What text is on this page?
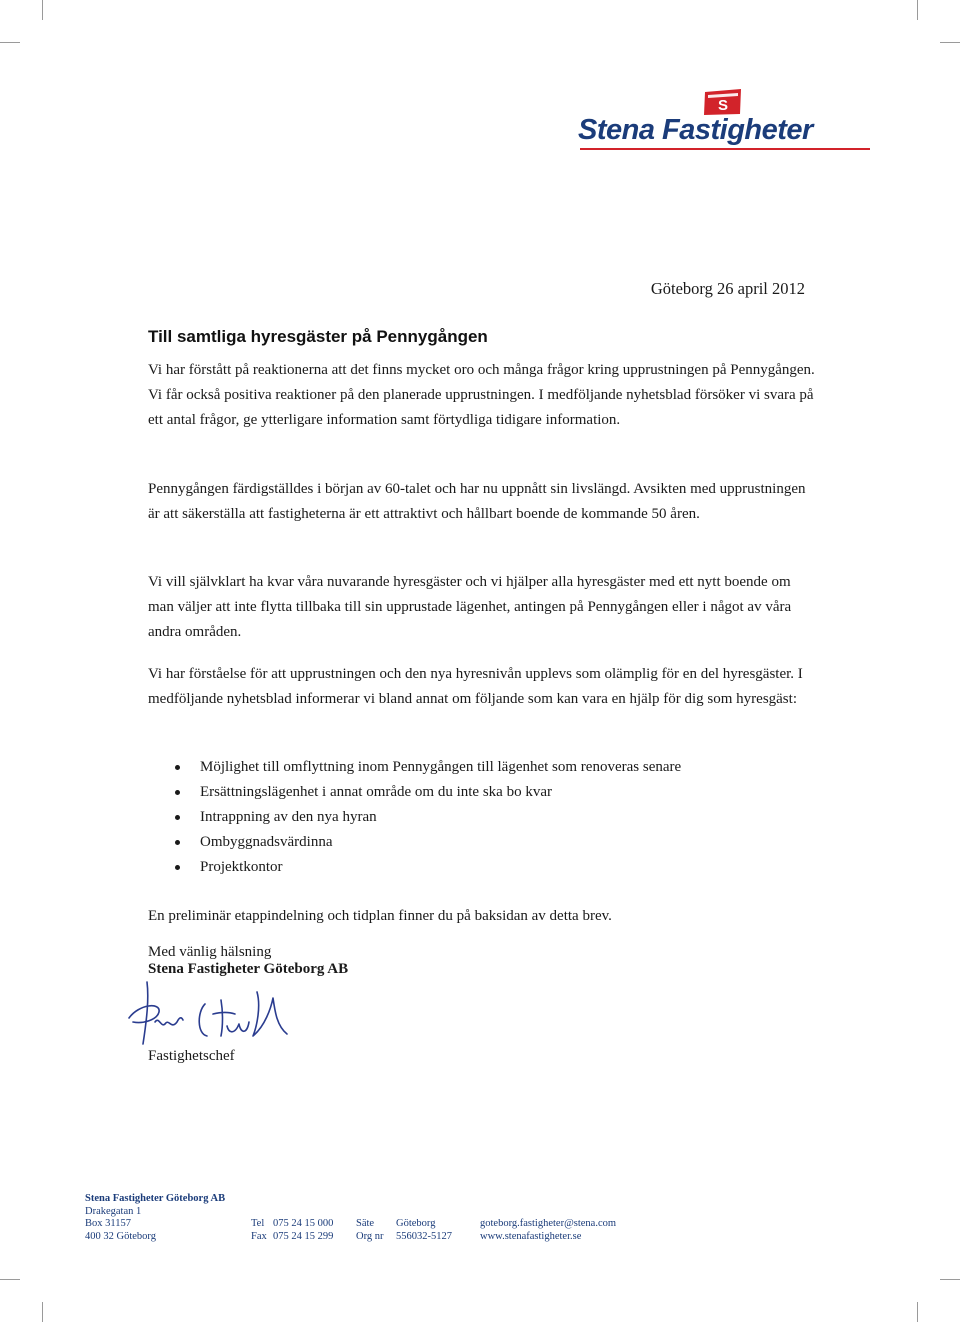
S
Stena Fastigheter
Göteborg 26 april 2012
Till samtliga hyresgäster på Pennygången

Vi har förstått på reaktionerna att det finns mycket oro och många frågor kring upprustningen på Pennygången. Vi får också positiva reaktioner på den planerade upprustningen. I medföljande nyhetsblad försöker vi svara på ett antal frågor, ge ytterligare information samt förtydliga tidigare information.

Pennygången färdigställdes i början av 60-talet och har nu uppnått sin livslängd. Avsikten med upprustningen är att säkerställa att fastigheterna är ett attraktivt och hållbart boende de kommande 50 åren.

Vi vill självklart ha kvar våra nuvarande hyresgäster och vi hjälper alla hyresgäster med ett nytt boende om man väljer att inte flytta tillbaka till sin upprustade lägenhet, antingen på Pennygången eller i något av våra andra områden.

Vi har förståelse för att upprustningen och den nya hyresnivån upplevs som olämplig för en del hyresgäster. I medföljande nyhetsblad informerar vi bland annat om följande som kan vara en hjälp för dig som hyresgäst:

Möjlighet till omflyttning inom Pennygången till lägenhet som renoveras senare
Ersättningslägenhet i annat område om du inte ska bo kvar
Intrappning av den nya hyran
Ombyggnadsvärdinna
Projektkontor

En preliminär etappindelning och tidplan finner du på baksidan av detta brev.

Med vänlig hälsning
Stena Fastigheter Göteborg AB
Fastighetschef
Stena Fastigheter Göteborg AB
Drakegatan 1
Box 31157
400 32 Göteborg
Tel 075 24 15 000
Fax 075 24 15 299
Säte Göteborg
Org nr 556032-5127
goteborg.fastigheter@stena.com
www.stenafastigheter.se
